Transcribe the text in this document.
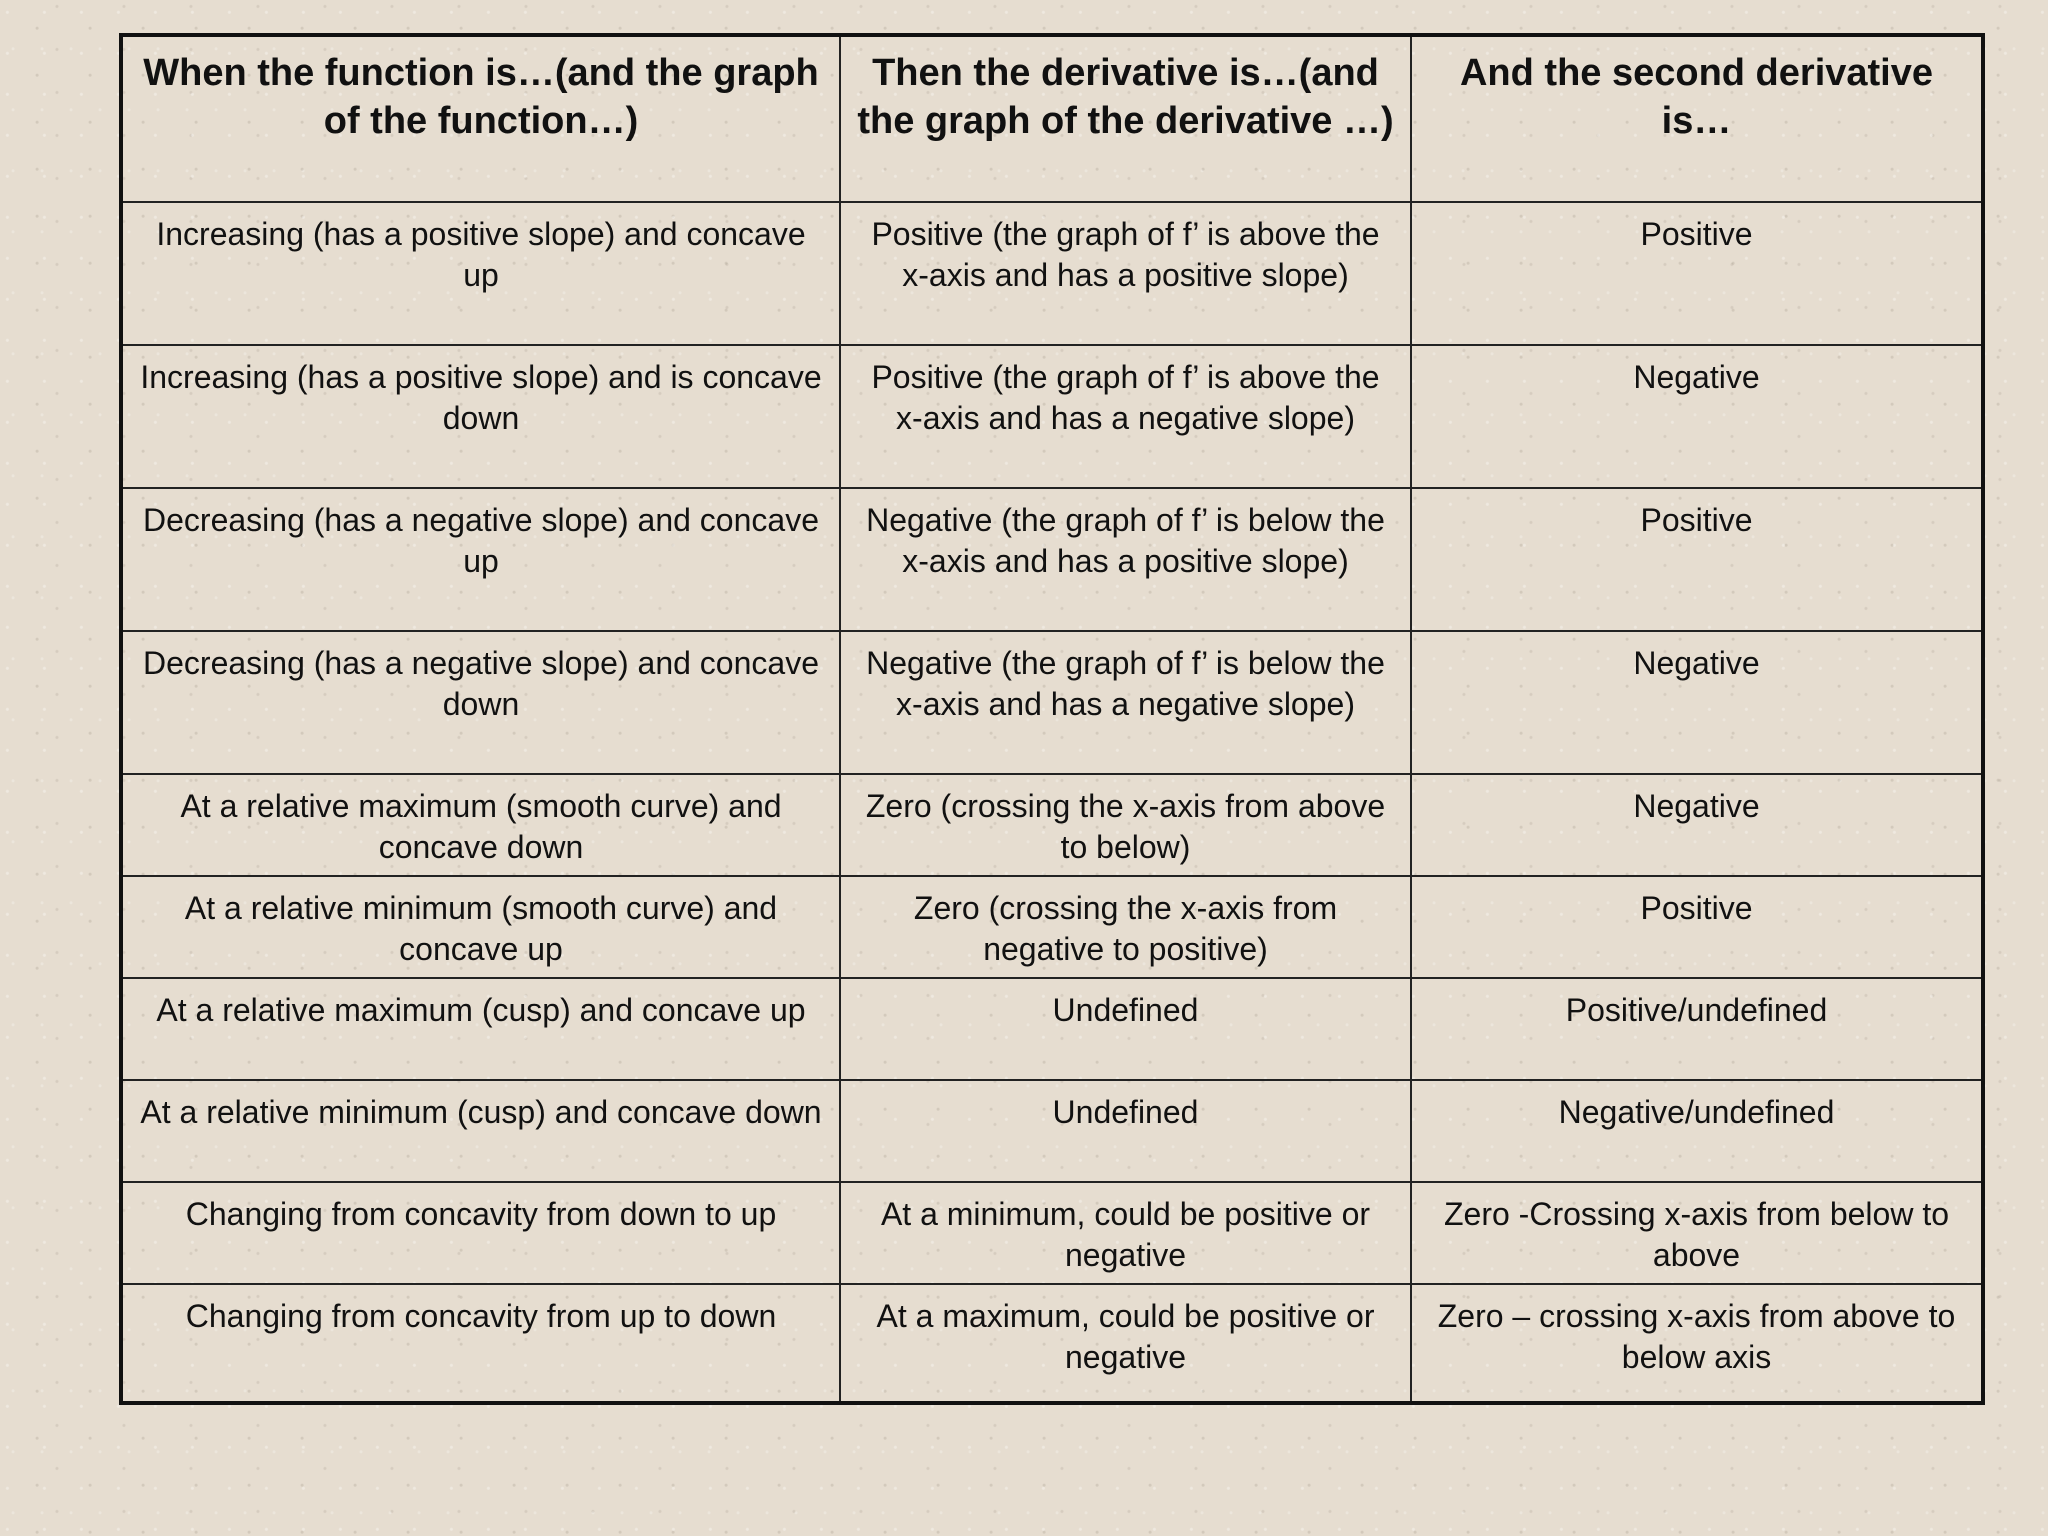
When the function is…(and the graph of the function…)	Then the derivative is…(and the graph of the derivative …)	And the second derivative is…
Increasing (has a positive slope) and concave up	Positive (the graph of f’ is above the x-axis and has a positive slope)	Positive
Increasing (has a positive slope) and is concave down	Positive (the graph of f’ is above the x-axis and has a negative slope)	Negative
Decreasing (has a negative slope) and concave up	Negative (the graph of f’ is below the x-axis and has a positive slope)	Positive
Decreasing (has a negative slope) and concave down	Negative (the graph of f’ is below the x-axis and has a negative slope)	Negative
At a relative maximum (smooth curve) and concave down	Zero (crossing the x-axis from above to below)	Negative
At a relative minimum (smooth curve) and concave up	Zero (crossing the x-axis from negative to positive)	Positive
At a relative maximum (cusp) and concave up	Undefined	Positive/undefined
At a relative minimum (cusp) and concave down	Undefined	Negative/undefined
Changing from concavity from down to up	At a minimum, could be positive or negative	Zero -Crossing x-axis from below to above
Changing from concavity from up to down	At a maximum, could be positive or negative	Zero – crossing x-axis from above to below axis
